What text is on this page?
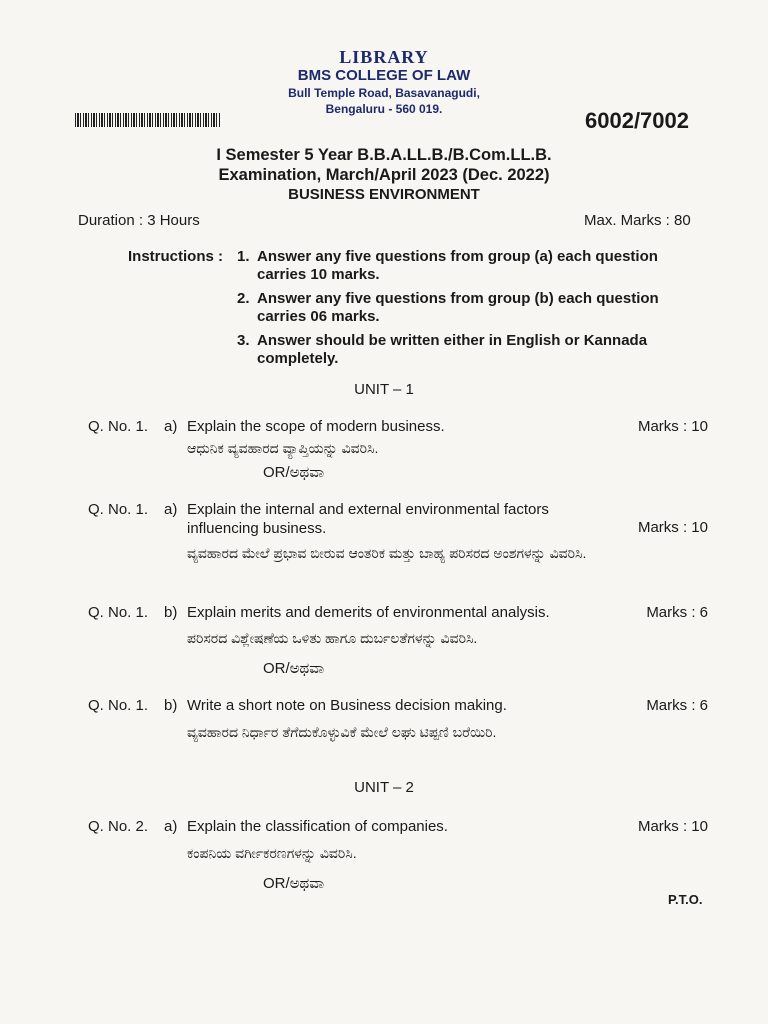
LIBRARY
BMS COLLEGE OF LAW
Bull Temple Road, Basavanagudi,
Bengaluru - 560 019.	6002/7002
I Semester 5 Year B.B.A.LL.B./B.Com.LL.B.
Examination, March/April 2023 (Dec. 2022)
BUSINESS ENVIRONMENT
Duration : 3 Hours	Max. Marks : 80
Instructions : 1. Answer any five questions from group (a) each question carries 10 marks.
2. Answer any five questions from group (b) each question carries 06 marks.
3. Answer should be written either in English or Kannada completely.
UNIT – 1
Q. No. 1. a) Explain the scope of modern business.	Marks : 10
ಆಧುನಿಕ ವ್ಯವಹಾರದ ವ್ಯಾಪ್ತಿಯನ್ನು ವಿವರಿಸಿ.
OR/ಅಥವಾ
Q. No. 1. a) Explain the internal and external environmental factors influencing business.	Marks : 10
ವ್ಯವಹಾರದ ಮೇಲೆ ಪ್ರಭಾವ ಬೀರುವ ಆಂತರಿಕ ಮತ್ತು ಬಾಹ್ಯ ಪರಿಸರದ ಅಂಶಗಳನ್ನು ವಿವರಿಸಿ.
Q. No. 1. b) Explain merits and demerits of environmental analysis.	Marks : 6
ಪರಿಸರದ ವಿಶ್ಲೇಷಣೆಯ ಒಳಿತು ಹಾಗೂ ದುರ್ಬಲತೆಗಳನ್ನು ವಿವರಿಸಿ.
OR/ಅಥವಾ
Q. No. 1. b) Write a short note on Business decision making.	Marks : 6
ವ್ಯವಹಾರದ ನಿರ್ಧಾರ ತೆಗೆದುಕೊಳ್ಳುವಿಕೆ ಮೇಲೆ ಲಘು ಟಿಪ್ಪಣಿ ಬರೆಯಿರಿ.
UNIT – 2
Q. No. 2. a) Explain the classification of companies.	Marks : 10
ಕಂಪನಿಯ ವರ್ಗೀಕರಣಗಳನ್ನು ವಿವರಿಸಿ.
OR/ಅಥವಾ
P.T.O.
